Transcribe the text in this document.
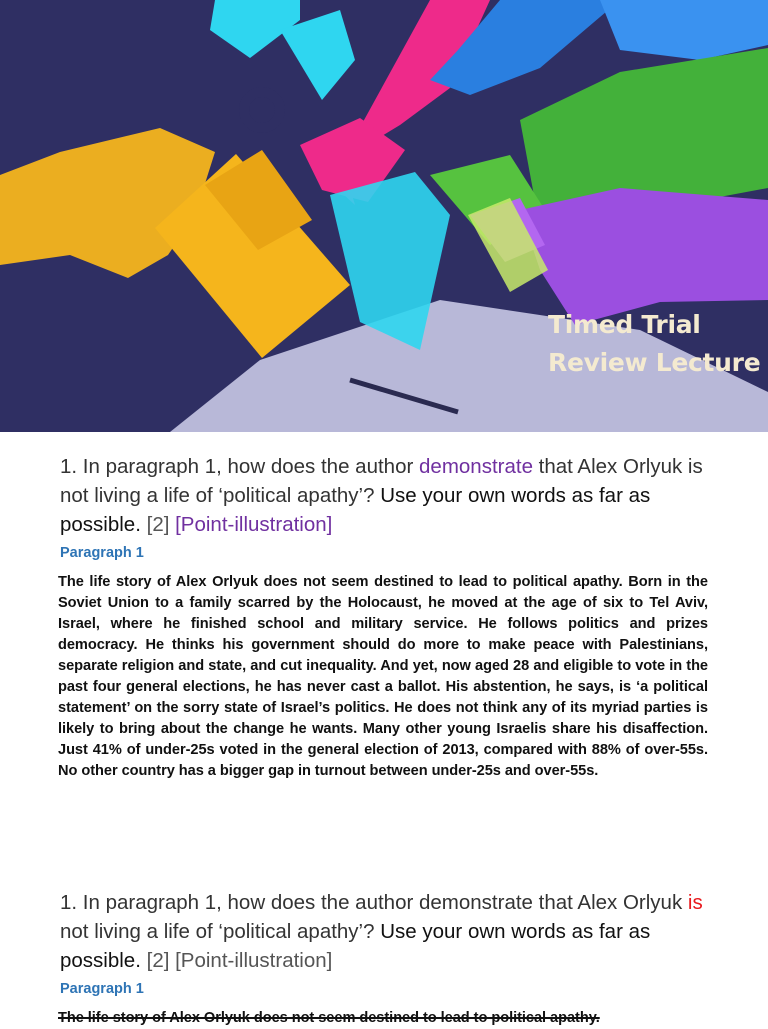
Timed Trial
Review Lecture
1. In paragraph 1, how does the author demonstrate that Alex Orlyuk is not living a life of ‘political apathy’? Use your own words as far as possible. [2] [Point-illustration]
Paragraph 1
The life story of Alex Orlyuk does not seem destined to lead to political apathy. Born in the Soviet Union to a family scarred by the Holocaust, he moved at the age of six to Tel Aviv, Israel, where he finished school and military service. He follows politics and prizes democracy. He thinks his government should do more to make peace with Palestinians, separate religion and state, and cut inequality. And yet, now aged 28 and eligible to vote in the past four general elections, he has never cast a ballot. His abstention, he says, is ‘a political statement’ on the sorry state of Israel’s politics. He does not think any of its myriad parties is likely to bring about the change he wants. Many other young Israelis share his disaffection. Just 41% of under-25s voted in the general election of 2013, compared with 88% of over-55s. No other country has a bigger gap in turnout between under-25s and over-55s.
1. In paragraph 1, how does the author demonstrate that Alex Orlyuk is not living a life of ‘political apathy’? Use your own words as far as possible. [2] [Point-illustration]
Paragraph 1
The life story of Alex Orlyuk does not seem destined to lead to political apathy.
